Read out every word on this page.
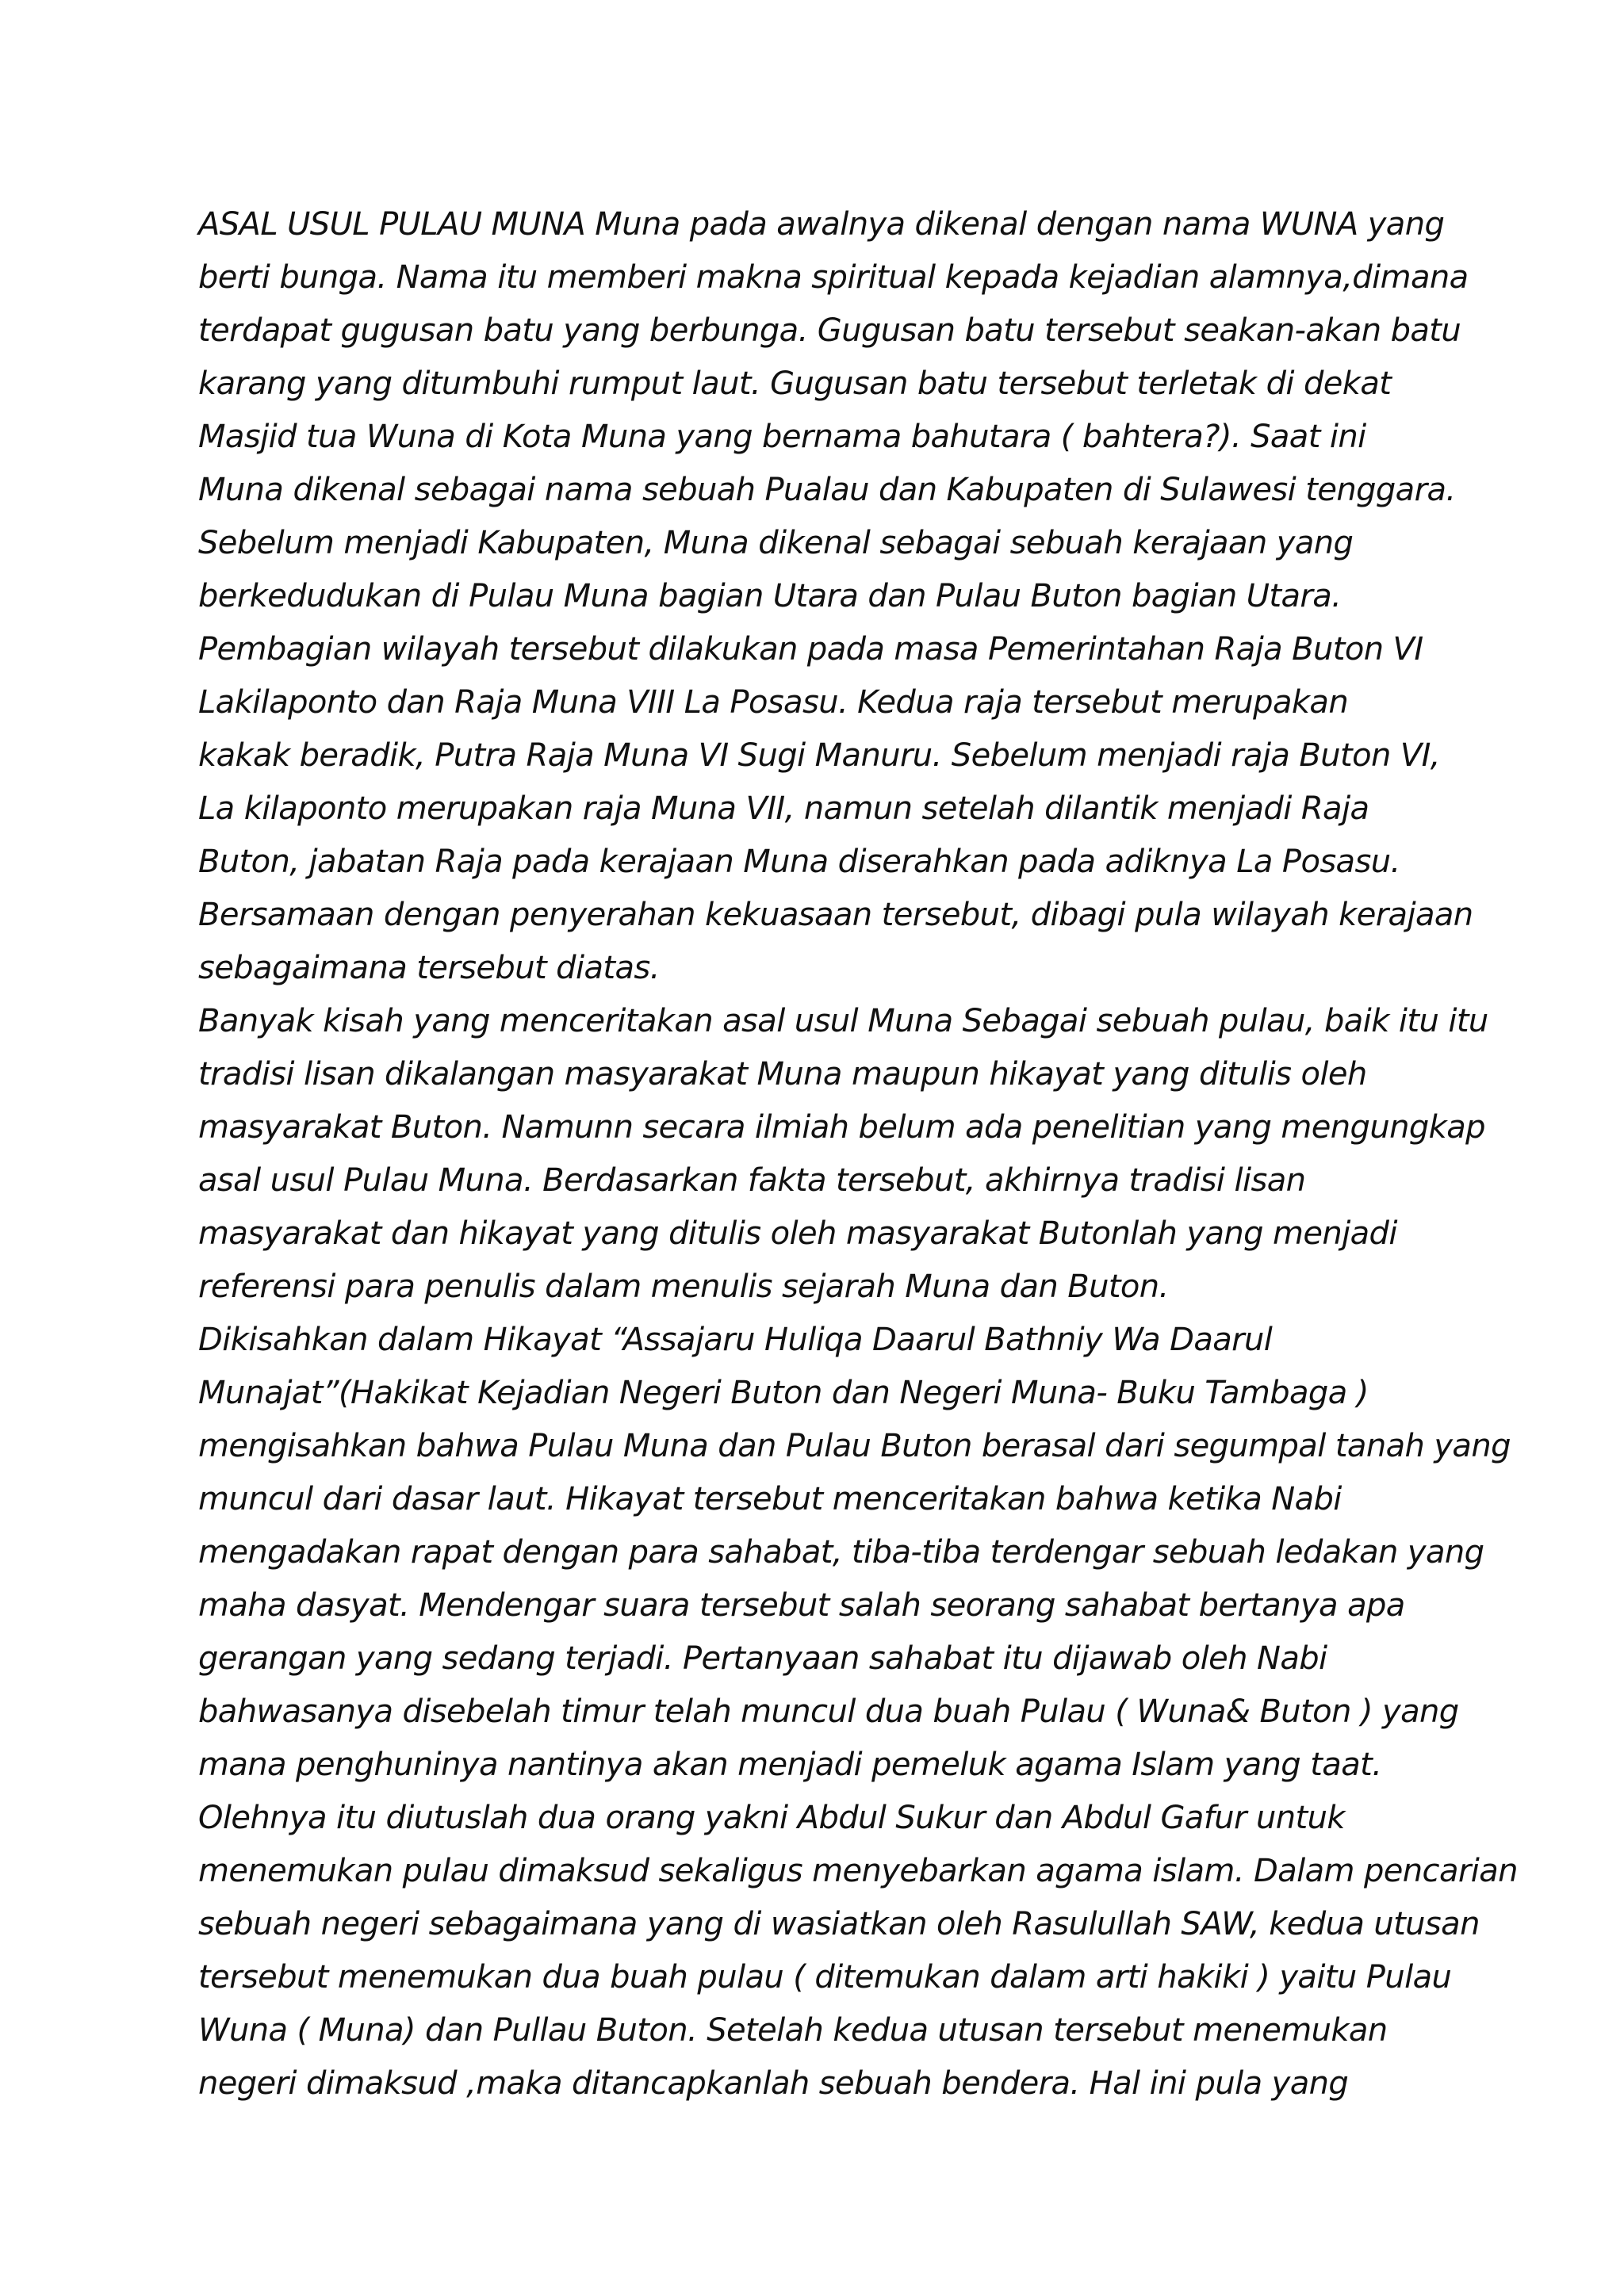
ASAL USUL PULAU MUNA Muna pada awalnya dikenal dengan nama WUNA yang
berti bunga. Nama itu memberi makna spiritual kepada kejadian alamnya,dimana
terdapat gugusan batu yang berbunga. Gugusan batu tersebut seakan-akan batu
karang yang ditumbuhi rumput laut. Gugusan batu tersebut terletak di dekat
Masjid tua Wuna di Kota Muna yang bernama bahutara ( bahtera?). Saat ini
Muna dikenal sebagai nama sebuah Pualau dan Kabupaten di Sulawesi tenggara.
Sebelum menjadi Kabupaten, Muna dikenal sebagai sebuah kerajaan yang
berkedudukan di Pulau Muna bagian Utara dan Pulau Buton bagian Utara.
Pembagian wilayah tersebut dilakukan pada masa Pemerintahan Raja Buton VI
Lakilaponto dan Raja Muna VIII La Posasu. Kedua raja tersebut merupakan
kakak beradik, Putra Raja Muna VI Sugi Manuru. Sebelum menjadi raja Buton VI,
La kilaponto merupakan raja Muna VII, namun setelah dilantik menjadi Raja
Buton, jabatan Raja pada kerajaan Muna diserahkan pada adiknya La Posasu.
Bersamaan dengan penyerahan kekuasaan tersebut, dibagi pula wilayah kerajaan
sebagaimana tersebut diatas.
Banyak kisah yang menceritakan asal usul Muna Sebagai sebuah pulau, baik itu itu
tradisi lisan dikalangan masyarakat Muna maupun hikayat yang ditulis oleh
masyarakat Buton. Namunn secara ilmiah belum ada penelitian yang mengungkap
asal usul Pulau Muna. Berdasarkan fakta tersebut, akhirnya tradisi lisan
masyarakat dan hikayat yang ditulis oleh masyarakat Butonlah yang menjadi
referensi para penulis dalam menulis sejarah Muna dan Buton.
Dikisahkan dalam Hikayat “Assajaru Huliqa Daarul Bathniy Wa Daarul
Munajat”(Hakikat Kejadian Negeri Buton dan Negeri Muna- Buku Tambaga )
mengisahkan bahwa Pulau Muna dan Pulau Buton berasal dari segumpal tanah yang
muncul dari dasar laut. Hikayat tersebut menceritakan bahwa ketika Nabi
mengadakan rapat dengan para sahabat, tiba-tiba terdengar sebuah ledakan yang
maha dasyat. Mendengar suara tersebut salah seorang sahabat bertanya apa
gerangan yang sedang terjadi. Pertanyaan sahabat itu dijawab oleh Nabi
bahwasanya disebelah timur telah muncul dua buah Pulau ( Wuna& Buton ) yang
mana penghuninya nantinya akan menjadi pemeluk agama Islam yang taat.
Olehnya itu diutuslah dua orang yakni Abdul Sukur dan Abdul Gafur untuk
menemukan pulau dimaksud sekaligus menyebarkan agama islam. Dalam pencarian
sebuah negeri sebagaimana yang di wasiatkan oleh Rasulullah SAW, kedua utusan
tersebut menemukan dua buah pulau ( ditemukan dalam arti hakiki ) yaitu Pulau
Wuna ( Muna) dan Pullau Buton. Setelah kedua utusan tersebut menemukan
negeri dimaksud ,maka ditancapkanlah sebuah bendera. Hal ini pula yang
